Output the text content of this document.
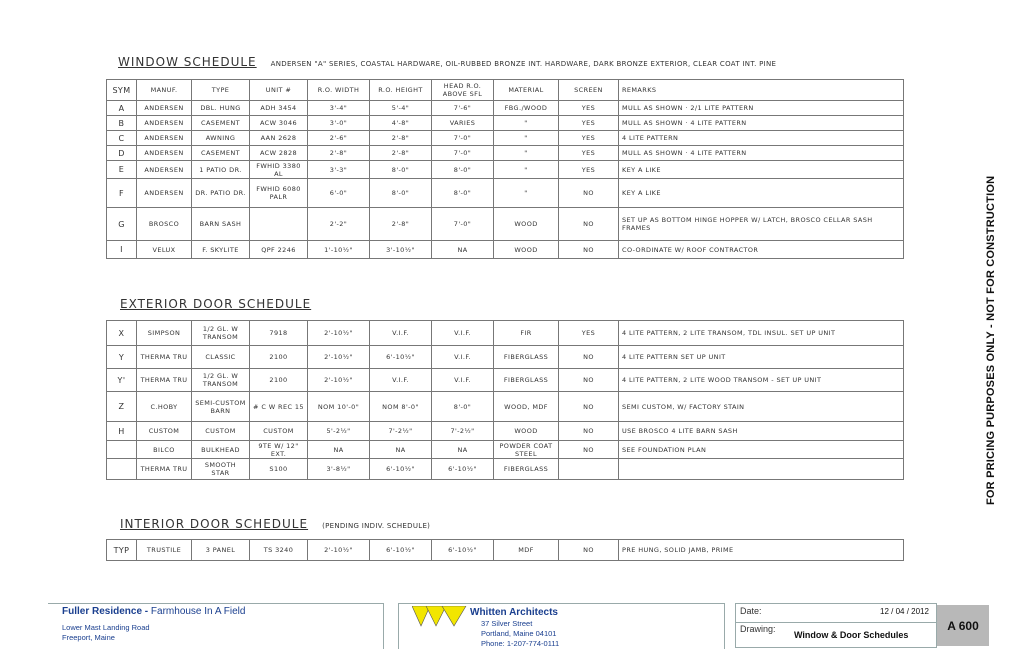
WINDOW SCHEDULE ANDERSEN "A" SERIES, COASTAL HARDWARE, OIL-RUBBED BRONZE INT. HARDWARE, DARK BRONZE EXTERIOR, CLEAR COAT INT. PINE
SYM	MANUF.	TYPE	UNIT #	R.O. WIDTH	R.O. HEIGHT	HEAD R.O. ABOVE SFL	MATERIAL	SCREEN	REMARKS
A	ANDERSEN	DBL. HUNG	ADH 3454	3'-4"	5'-4"	7'-6"	FBG./WOOD	YES	MULL AS SHOWN · 2/1 LITE PATTERN
B	ANDERSEN	CASEMENT	ACW 3046	3'-0"	4'-8"	VARIES	"	YES	MULL AS SHOWN · 4 LITE PATTERN
C	ANDERSEN	AWNING	AAN 2628	2'-6"	2'-8"	7'-0"	"	YES	4 LITE PATTERN
D	ANDERSEN	CASEMENT	ACW 2828	2'-8"	2'-8"	7'-0"	"	YES	MULL AS SHOWN · 4 LITE PATTERN
E	ANDERSEN	1 PATIO DR.	FWHID 3380 AL	3'-3"	8'-0"	8'-0"	"	YES	KEY A LIKE
F	ANDERSEN	DR. PATIO DR.	FWHID 6080 PALR	6'-0"	8'-0"	8'-0"	"	NO	KEY A LIKE
G	BROSCO	BARN SASH		2'-2"	2'-8"	7'-0"	WOOD	NO	SET UP AS BOTTOM HINGE HOPPER W/ LATCH, BROSCO CELLAR SASH FRAMES
I	VELUX	F. SKYLITE	QPF 2246	1'-10½"	3'-10½"	NA	WOOD	NO	CO-ORDINATE W/ ROOF CONTRACTOR
EXTERIOR DOOR SCHEDULE
X	SIMPSON	1/2 GL. W TRANSOM	7918	2'-10½"	V.I.F.	V.I.F.	FIR	YES	4 LITE PATTERN, 2 LITE TRANSOM, TDL INSUL. SET UP UNIT
Y	THERMA TRU	CLASSIC	2100	2'-10½"	6'-10½"	V.I.F.	FIBERGLASS	NO	4 LITE PATTERN SET UP UNIT
Y'	THERMA TRU	1/2 GL. W TRANSOM	2100	2'-10½"	V.I.F.	V.I.F.	FIBERGLASS	NO	4 LITE PATTERN, 2 LITE WOOD TRANSOM - SET UP UNIT
Z	C.HOBY	SEMI-CUSTOM BARN	# C W REC 15	NOM 10'-0"	NOM 8'-0"	8'-0"	WOOD, MDF	NO	SEMI CUSTOM, W/ FACTORY STAIN
H	CUSTOM	CUSTOM	CUSTOM	5'-2½"	7'-2½"	7'-2½"	WOOD	NO	USE BROSCO 4 LITE BARN SASH
	BILCO	BULKHEAD	9TE W/ 12" EXT.	NA	NA	NA	POWDER COAT STEEL	NO	SEE FOUNDATION PLAN
	THERMA TRU	SMOOTH STAR	S100	3'-8½"	6'-10½"	6'-10½"	FIBERGLASS		
INTERIOR DOOR SCHEDULE (PENDING INDIV. SCHEDULE)
TYP	TRUSTILE	3 PANEL	TS 3240	2'-10½"	6'-10½"	6'-10½"	MDF	NO	PRE HUNG, SOLID JAMB, PRIME
FOR PRICING PURPOSES ONLY - NOT FOR CONSTRUCTION
Fuller Residence - Farmhouse In A Field
Lower Mast Landing Road
Freeport, Maine
Whitten Architects
37 Silver Street
Portland, Maine 04101
Phone: 1-207-774-0111
Date:	12 / 04 / 2012
Drawing:
Window & Door Schedules
A 600
